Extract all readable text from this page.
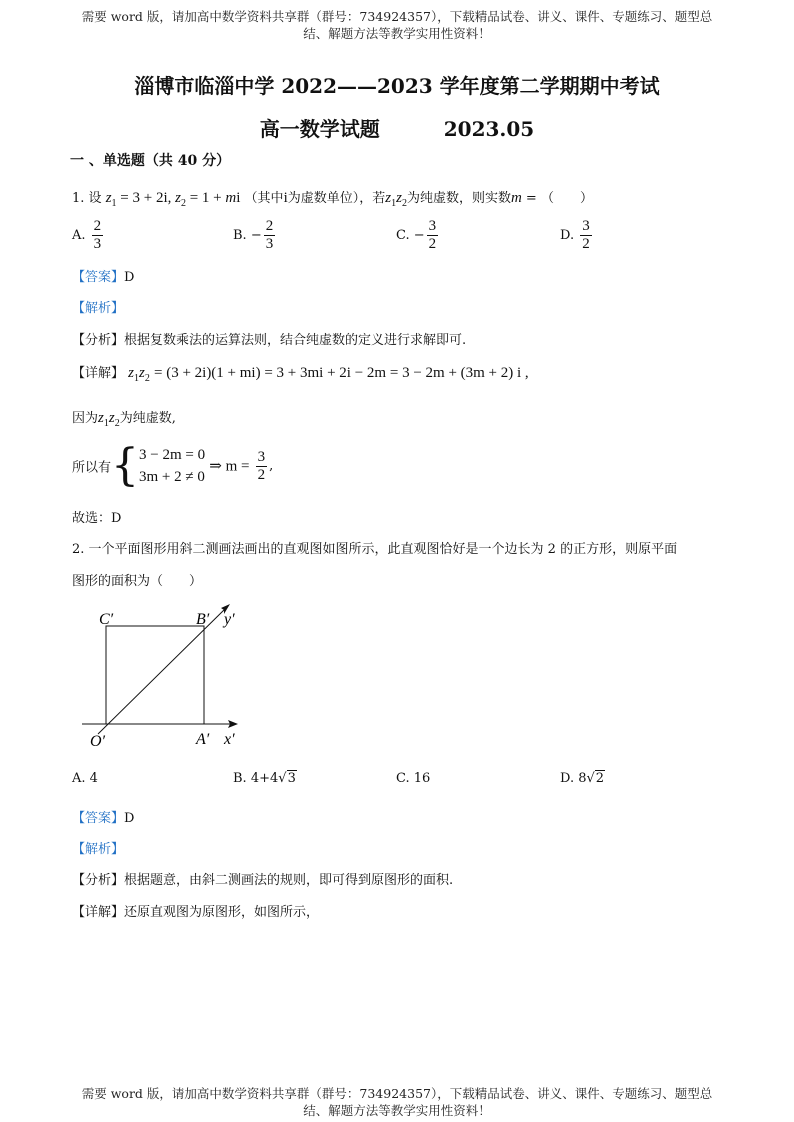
需要 word 版，请加高中数学资料共享群（群号：734924357），下载精品试卷、讲义、课件、专题练习、题型总
结、解题方法等教学实用性资料！
淄博市临淄中学 2022——2023 学年度第二学期期中考试
高一数学试题	2023.05
一 、单选题（共 40 分）
1. 设 $z_1 = 3 + 2i$, $z_2 = 1$ + mi （其中i为虚数单位），若$z_1z_2$为纯虚数，则实数m = （　　）
A. $\frac{2}{3}$	B. − $\frac{2}{3}$	C. − $\frac{3}{2}$	D. $\frac{3}{2}$
【答案】D
【解析】
【分析】根据复数乘法的运算法则，结合纯虚数的定义进行求解即可.
【详解】 $z_1z_2 = (3 + 2i)(1 + mi) = 3 + 3mi + 2i - 2m = 3 - 2m + (3m + 2)$ i ,
因为$z_1z_2$为纯虚数,
所以有{ 3 − 2m = 0
3m + 2 ≠ 0
⇒ $m = \frac{3}{2}$ ,
故选：D
2. 一个平面图形用斜二测画法画出的直观图如图所示，此直观图恰好是一个边长为 2 的正方形，则原平面
图形的面积为（　　）
C′	B′ y′
O′	A′ x′
A. 4	B. 4+4√3	C. 16	D. 8√2
【答案】D
【解析】
【分析】根据题意，由斜二测画法的规则，即可得到原图形的面积.
【详解】还原直观图为原图形，如图所示，
需要 word 版，请加高中数学资料共享群（群号：734924357），下载精品试卷、讲义、课件、专题练习、题型总
结、解题方法等教学实用性资料！
